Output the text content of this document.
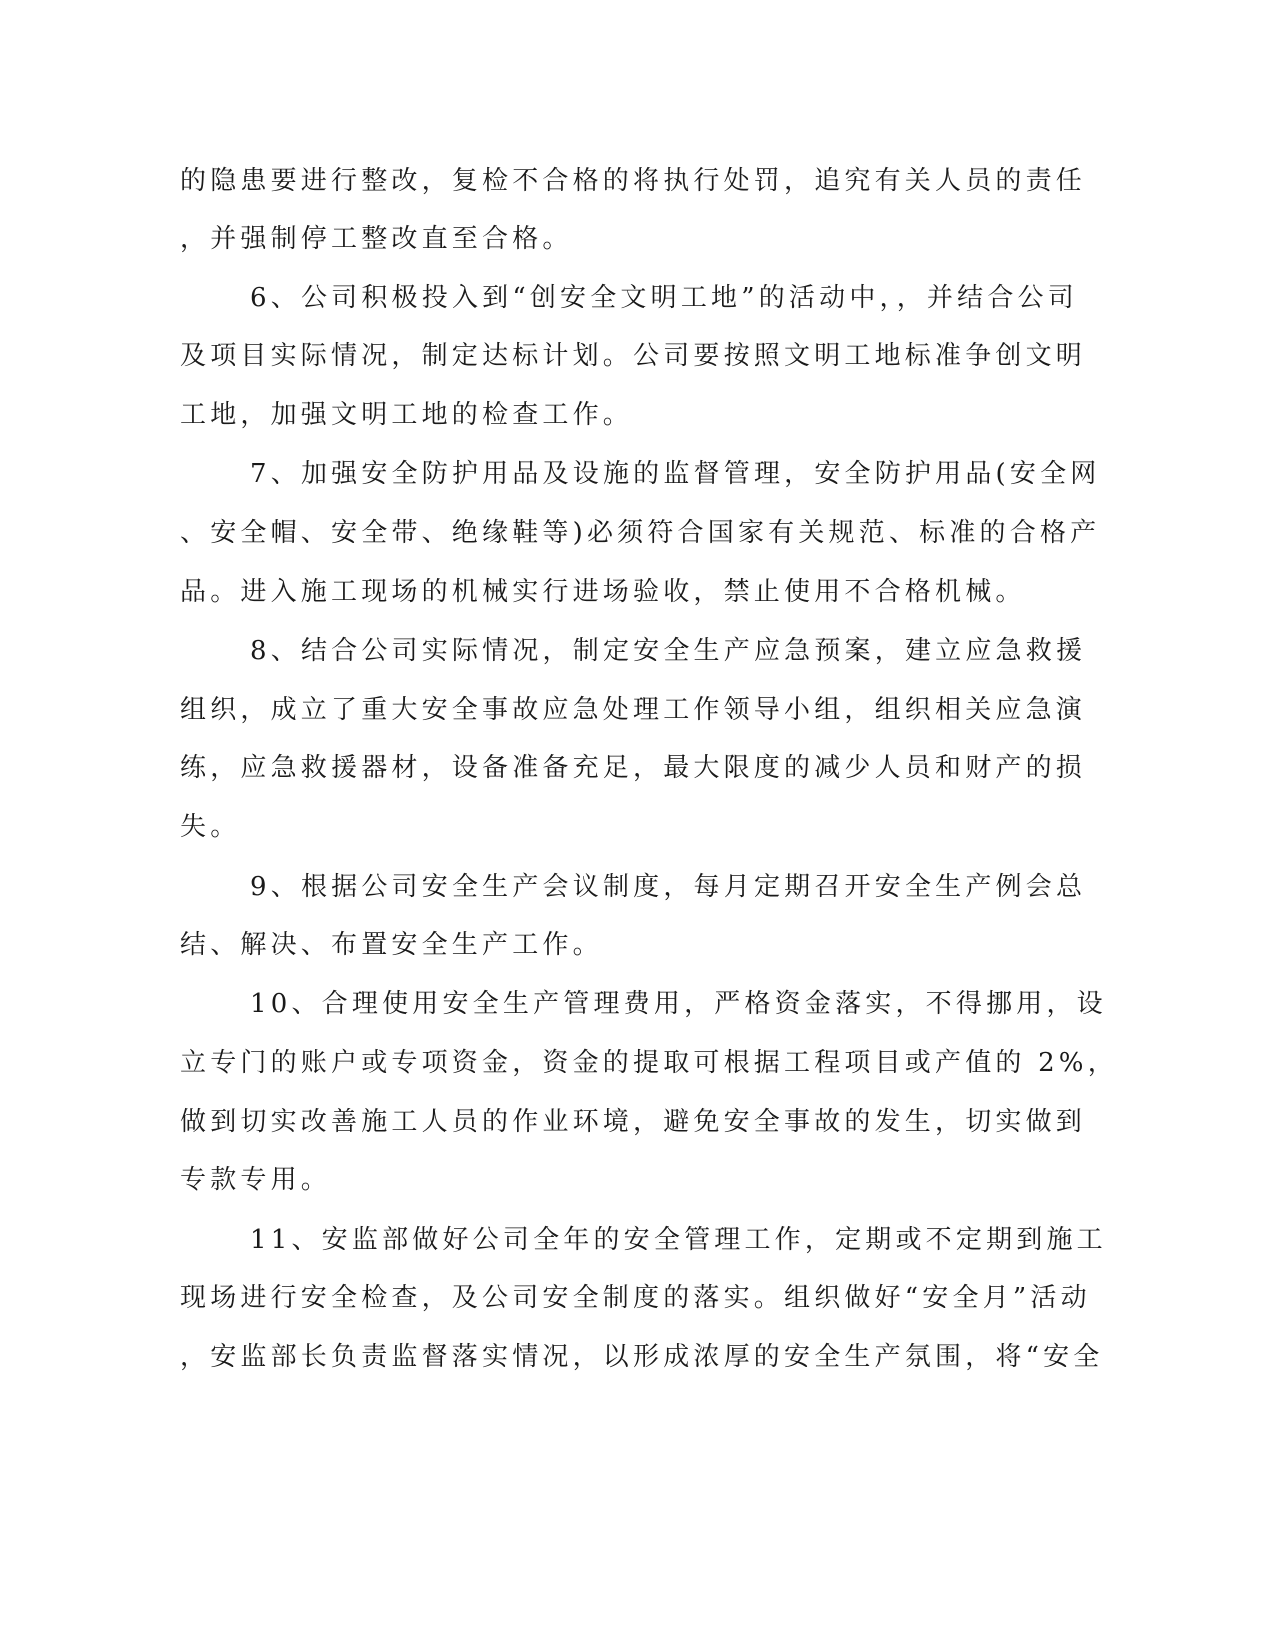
的隐患要进行整改，复检不合格的将执行处罚，追究有关人员的责任
，并强制停工整改直至合格。
6、公司积极投入到“创安全文明工地”的活动中，，并结合公司
及项目实际情况，制定达标计划。公司要按照文明工地标准争创文明
工地，加强文明工地的检查工作。
7、加强安全防护用品及设施的监督管理，安全防护用品(安全网
、安全帽、安全带、绝缘鞋等)必须符合国家有关规范、标准的合格产
品。进入施工现场的机械实行进场验收，禁止使用不合格机械。
8、结合公司实际情况，制定安全生产应急预案，建立应急救援
组织，成立了重大安全事故应急处理工作领导小组，组织相关应急演
练，应急救援器材，设备准备充足，最大限度的减少人员和财产的损
失。
9、根据公司安全生产会议制度，每月定期召开安全生产例会总
结、解决、布置安全生产工作。
10、合理使用安全生产管理费用，严格资金落实，不得挪用，设
立专门的账户或专项资金，资金的提取可根据工程项目或产值的 2%，
做到切实改善施工人员的作业环境，避免安全事故的发生，切实做到
专款专用。
11、安监部做好公司全年的安全管理工作，定期或不定期到施工
现场进行安全检查，及公司安全制度的落实。组织做好“安全月”活动
，安监部长负责监督落实情况，以形成浓厚的安全生产氛围，将“安全
